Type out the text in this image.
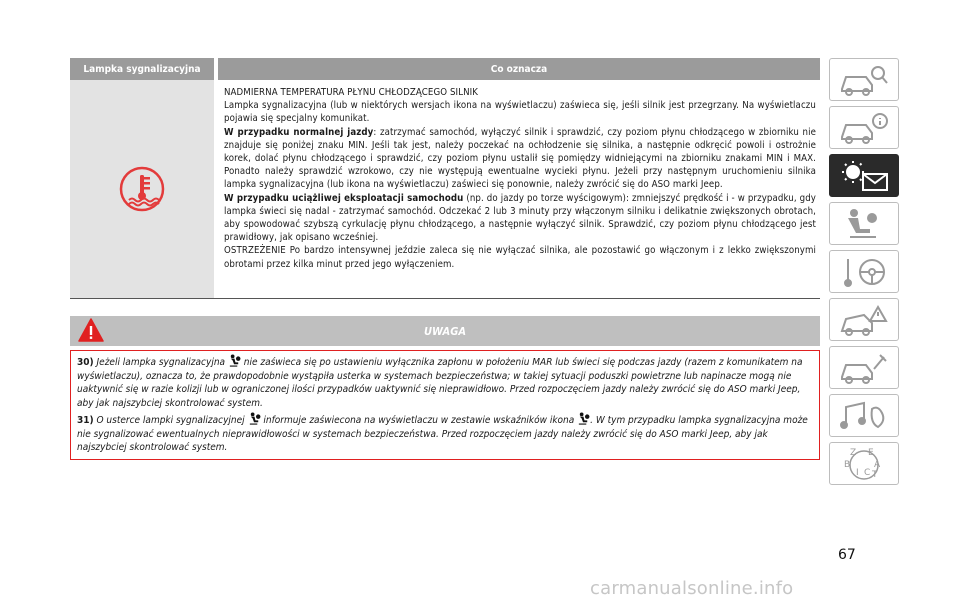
Lampka sygnalizacyjna	Co oznacza

NADMIERNA TEMPERATURA PŁYNU CHŁODZĄCEGO SILNIK

Lampka sygnalizacyjna (lub w niektórych wersjach ikona na wyświetlaczu) zaświeca się, jeśli silnik jest przegrzany. Na wyświetlaczu pojawia się specjalny komunikat.

W przypadku normalnej jazdy: zatrzymać samochód, wyłączyć silnik i sprawdzić, czy poziom płynu chłodzącego w zbiorniku nie znajduje się poniżej znaku MIN. Jeśli tak jest, należy poczekać na ochłodzenie się silnika, a następnie odkręcić powoli i ostrożnie korek, dolać płynu chłodzącego i sprawdzić, czy poziom płynu ustalił się pomiędzy widniejącymi na zbiorniku znakami MIN i MAX. Ponadto należy sprawdzić wzrokowo, czy nie występują ewentualne wycieki płynu. Jeżeli przy następnym uruchomieniu silnika lampka sygnalizacyjna (lub ikona na wyświetlaczu) zaświeci się ponownie, należy zwrócić się do ASO marki Jeep.

W przypadku uciążliwej eksploatacji samochodu (np. do jazdy po torze wyścigowym): zmniejszyć prędkość i - w przypadku, gdy lampka świeci się nadal - zatrzymać samochód. Odczekać 2 lub 3 minuty przy włączonym silniku i delikatnie zwiększonych obrotach, aby spowodować szybszą cyrkulację płynu chłodzącego, a następnie wyłączyć silnik. Sprawdzić, czy poziom płynu chłodzącego jest prawidłowy, jak opisano wcześniej.

OSTRZEŻENIE Po bardzo intensywnej jeździe zaleca się nie wyłączać silnika, ale pozostawić go włączonym i z lekko zwiększonymi obrotami przez kilka minut przed jego wyłączeniem.

UWAGA

30) Jeżeli lampka sygnalizacyjna nie zaświeca się po ustawieniu wyłącznika zapłonu w położeniu MAR lub świeci się podczas jazdy (razem z komunikatem na wyświetlaczu), oznacza to, że prawdopodobnie wystąpiła usterka w systemach bezpieczeństwa; w takiej sytuacji poduszki powietrzne lub napinacze mogą nie uaktywnić się w razie kolizji lub w ograniczonej ilości przypadków uaktywnić się nieprawidłowo. Przed rozpoczęciem jazdy należy zwrócić się do ASO marki Jeep, aby jak najszybciej skontrolować system.

31) O usterce lampki sygnalizacyjnej informuje zaświecona na wyświetlaczu w zestawie wskaźników ikona . W tym przypadku lampka sygnalizacyjna może nie sygnalizować ewentualnych nieprawidłowości w systemach bezpieczeństwa. Przed rozpoczęciem jazdy należy zwrócić się do ASO marki Jeep, aby jak najszybciej skontrolować system.	Z E
B	A
I C T
67
carmanualsonline.info
